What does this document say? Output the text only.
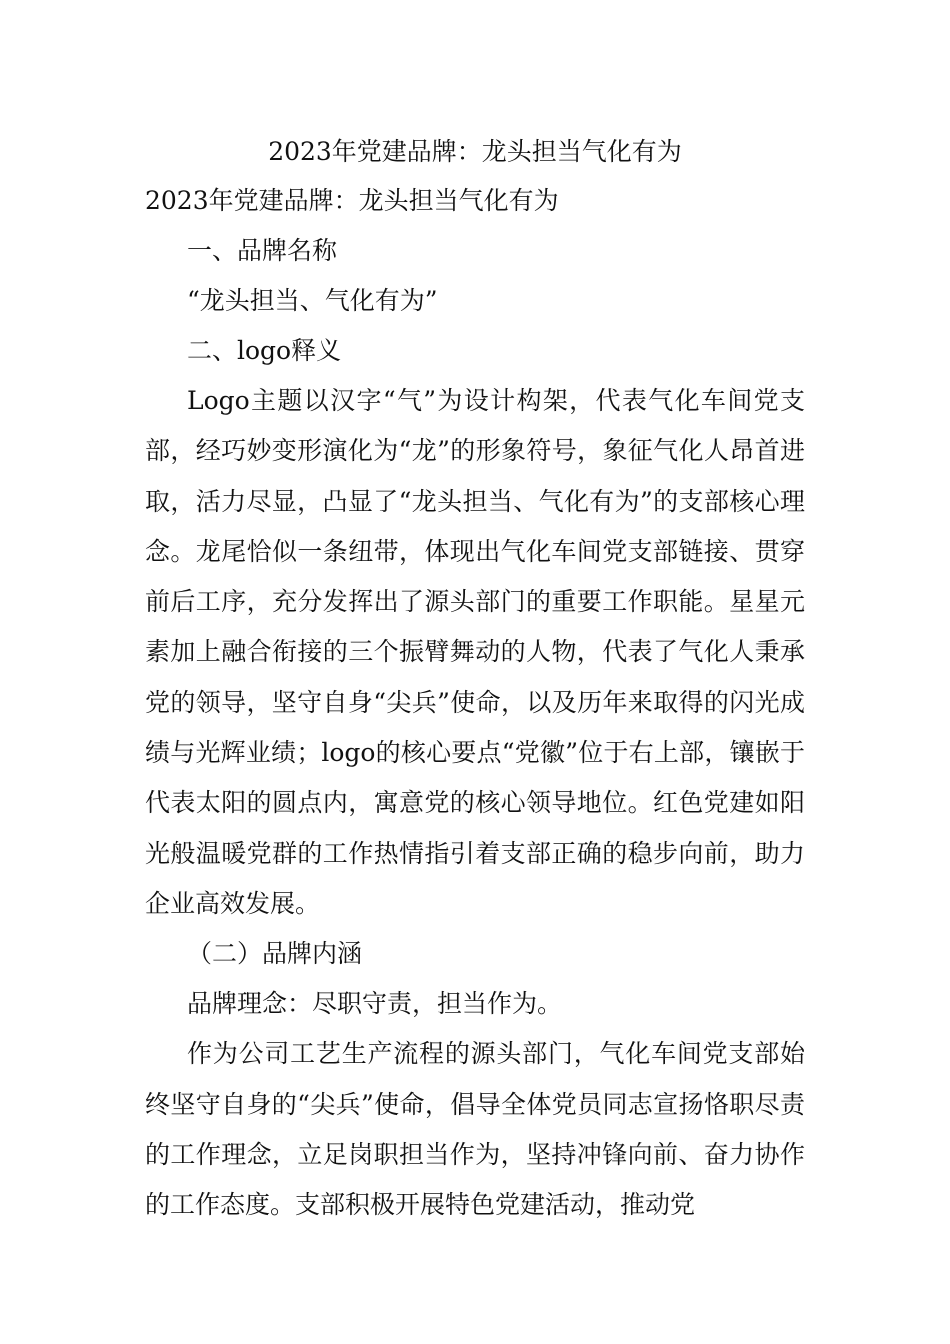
2023年党建品牌：龙头担当气化有为

2023年党建品牌：龙头担当气化有为

一、品牌名称

“龙头担当、气化有为”

二、logo释义

Logo主题以汉字“气”为设计构架，代表气化车间党支部，经巧妙变形演化为“龙”的形象符号，象征气化人昂首进取，活力尽显，凸显了“龙头担当、气化有为”的支部核心理念。龙尾恰似一条纽带，体现出气化车间党支部链接、贯穿前后工序，充分发挥出了源头部门的重要工作职能。星星元素加上融合衔接的三个振臂舞动的人物，代表了气化人秉承党的领导，坚守自身“尖兵”使命，以及历年来取得的闪光成绩与光辉业绩；logo的核心要点“党徽”位于右上部，镶嵌于代表太阳的圆点内，寓意党的核心领导地位。红色党建如阳光般温暖党群的工作热情指引着支部正确的稳步向前，助力企业高效发展。

（二）品牌内涵

品牌理念：尽职守责，担当作为。

作为公司工艺生产流程的源头部门，气化车间党支部始终坚守自身的“尖兵”使命，倡导全体党员同志宣扬恪职尽责的工作理念，立足岗职担当作为，坚持冲锋向前、奋力协作的工作态度。支部积极开展特色党建活动，推动党
